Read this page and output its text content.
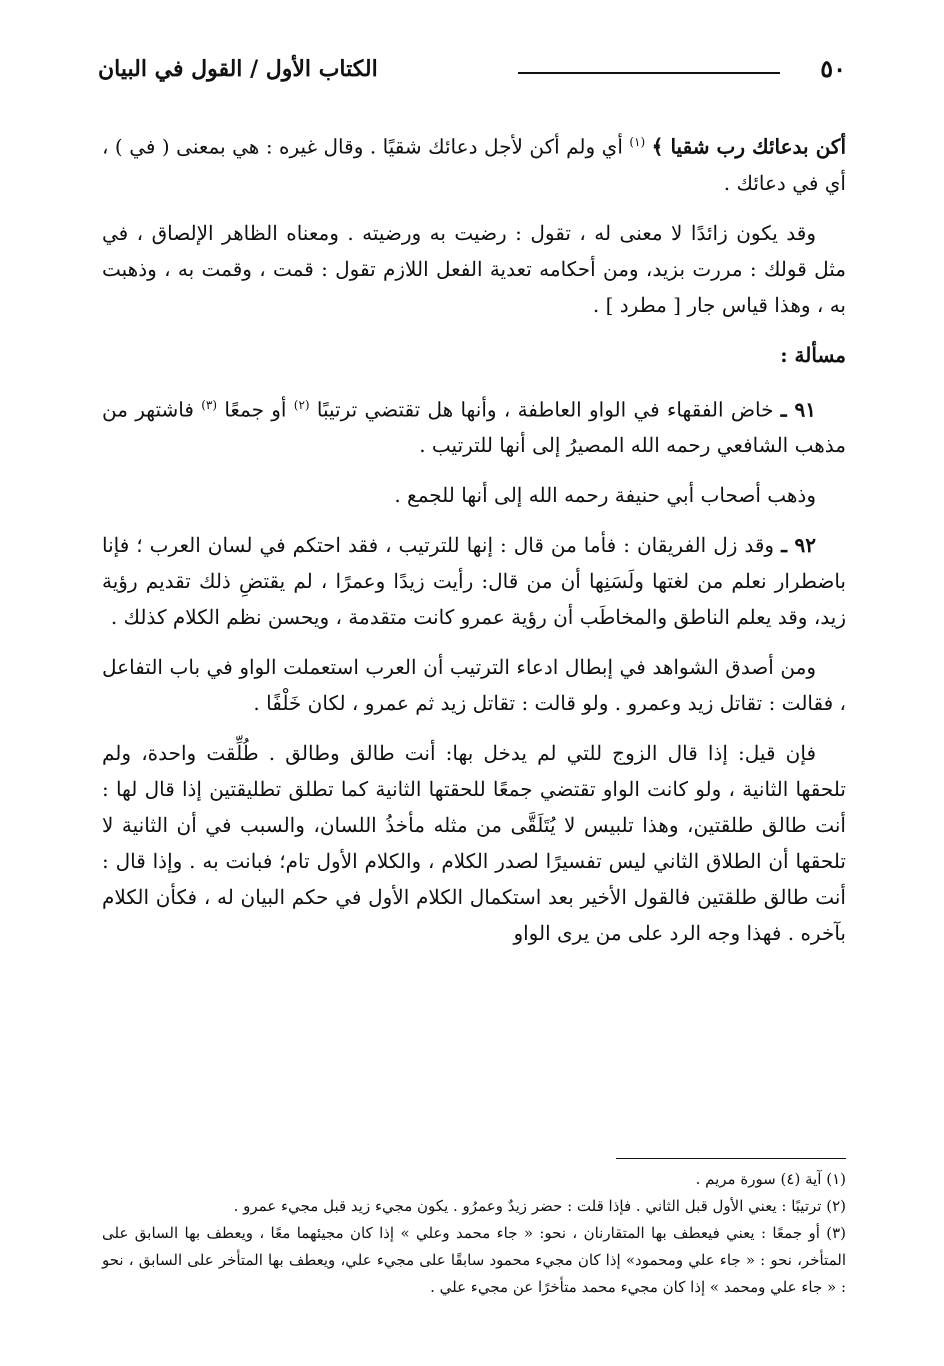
٥٠
الكتاب الأول / القول في البيان

أكن بدعائك رب شقيا ﴾ $^{(١)}$ أي ولم أكن لأجل دعائك شقيًا . وقال غيره : هي بمعنى ( في ) ، أي في دعائك .

وقد يكون زائدًا لا معنى له ، تقول : رضيت به ورضيته . ومعناه الظاهر الإلصاق ، في مثل قولك : مررت بزيد، ومن أحكامه تعدية الفعل اللازم تقول : قمت ، وقمت به ، وذهبت به ، وهذا قياس جار [ مطرد ] .

مسألة :

٩١ ـ خاض الفقهاء في الواو العاطفة ، وأنها هل تقتضي ترتيبًا $^{(٢)}$ أو جمعًا $^{(٣)}$ فاشتهر من مذهب الشافعي رحمه الله المصيرُ إلى أنها للترتيب .

وذهب أصحاب أبي حنيفة رحمه الله إلى أنها للجمع .

٩٢ ـ وقد زل الفريقان : فأما من قال : إنها للترتيب ، فقد احتكم في لسان العرب ؛ فإنا باضطرار نعلم من لغتها ولَسَنِها أن من قال: رأيت زيدًا وعمرًا ، لم يقتضِ ذلك تقديم رؤية زيد، وقد يعلم الناطق والمخاطَب أن رؤية عمرو كانت متقدمة ، ويحسن نظم الكلام كذلك .

ومن أصدق الشواهد في إبطال ادعاء الترتيب أن العرب استعملت الواو في باب التفاعل ، فقالت : تقاتل زيد وعمرو . ولو قالت : تقاتل زيد ثم عمرو ، لكان خَلْفًا .

فإن قيل: إذا قال الزوج للتي لم يدخل بها: أنت طالق وطالق . طُلِّقت واحدة، ولم تلحقها الثانية ، ولو كانت الواو تقتضي جمعًا للحقتها الثانية كما تطلق تطليقتين إذا قال لها : أنت طالق طلقتين، وهذا تلبيس لا يُتَلَقَّى من مثله مأخذُ اللسان، والسبب في أن الثانية لا تلحقها أن الطلاق الثاني ليس تفسيرًا لصدر الكلام ، والكلام الأول تام؛ فبانت به . وإذا قال : أنت طالق طلقتين فالقول الأخير بعد استكمال الكلام الأول في حكم البيان له ، فكأن الكلام بآخره . فهذا وجه الرد على من يرى الواو

(١) آية (٤) سورة مريم .

(٢) ترتيبًا : يعني الأول قبل الثاني . فإذا قلت : حضر زيدٌ وعمرُو . يكون مجيء زيد قبل مجيء عمرو .

(٣) أو جمعًا : يعني فيعطف بها المتقارنان ، نحو: « جاء محمد وعلي » إذا كان مجيئهما معًا ، ويعطف بها السابق على المتأخر، نحو : « جاء علي ومحمود» إذا كان مجيء محمود سابقًا على مجيء علي، ويعطف بها المتأخر على السابق ، نحو : « جاء علي ومحمد » إذا كان مجيء محمد متأخرًا عن مجيء علي .
